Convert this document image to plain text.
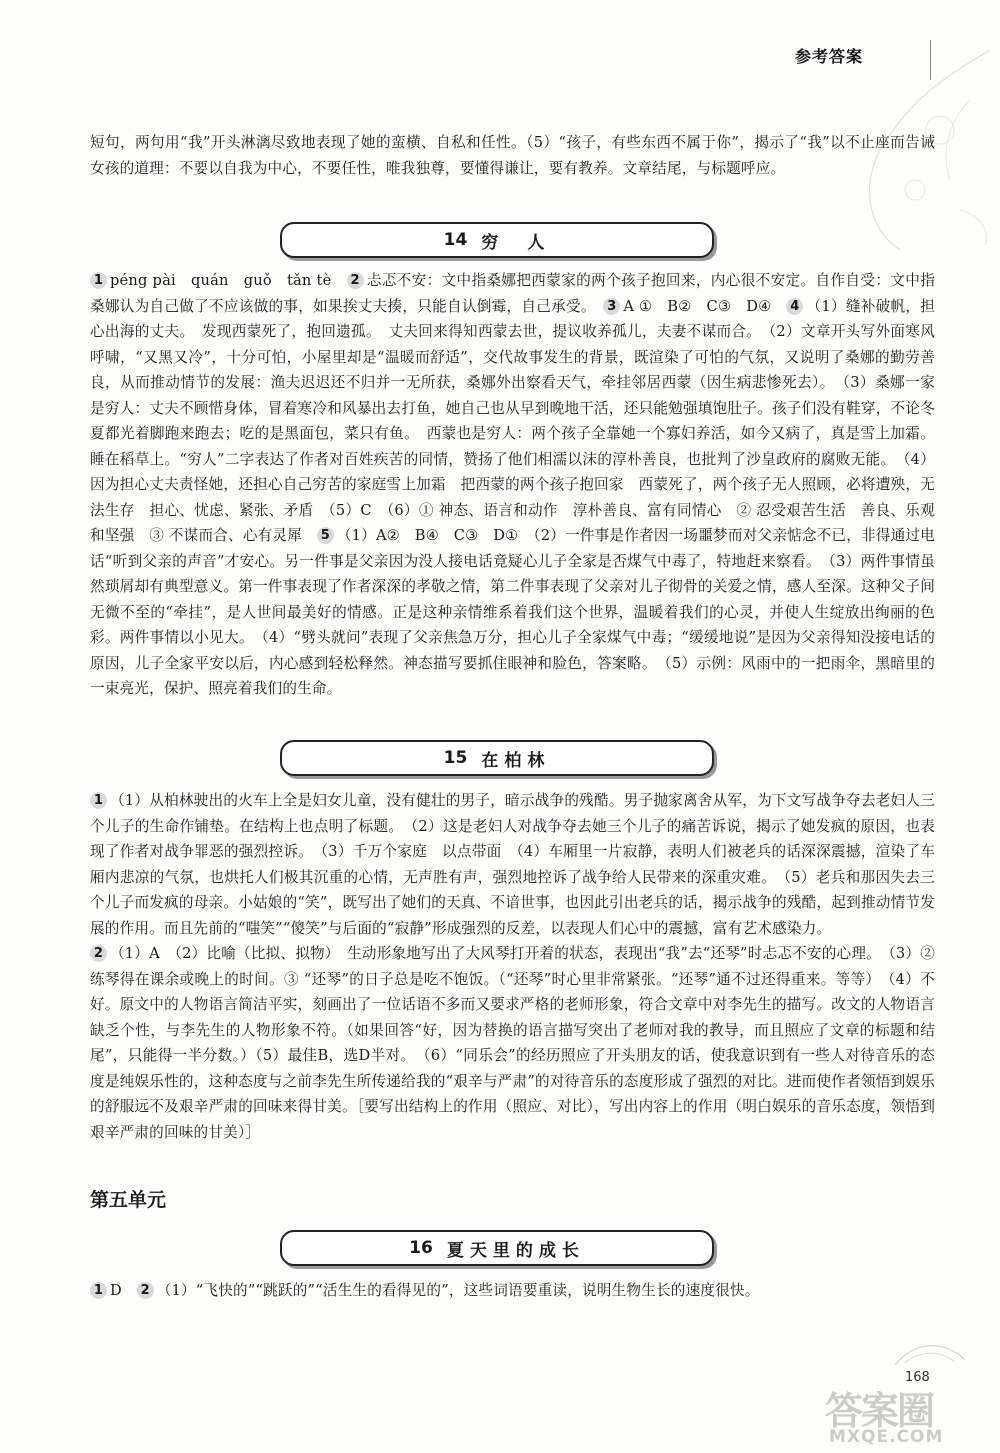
参考答案

短句，两句用“我”开头淋漓尽致地表现了她的蛮横、自私和任性。（5）“孩子，有些东西不属于你”，揭示了“我”以不止座而告诫女孩的道理：不要以自我为中心，不要任性，唯我独尊，要懂得谦让，要有教养。文章结尾，与标题呼应。

14 穷　人

1 péng pài　quán　guǒ　tǎn tè　2 忐忑不安：文中指桑娜把西蒙家的两个孩子抱回来，内心很不安定。自作自受：文中指桑娜认为自己做了不应该做的事，如果挨丈夫揍，只能自认倒霉，自己承受。　3 A ①　B②　C③　D④　4 （1）缝补破帆，担心出海的丈夫。　发现西蒙死了，抱回遗孤。　丈夫回来得知西蒙去世，提议收养孤儿，夫妻不谋而合。　（2）文章开头写外面寒风呼啸，“又黑又冷”，十分可怕，小屋里却是“温暖而舒适”，交代故事发生的背景，既渲染了可怕的气氛，又说明了桑娜的勤劳善良，从而推动情节的发展：渔夫迟迟还不归并一无所获，桑娜外出察看天气，牵挂邻居西蒙（因生病悲惨死去）。　（3）桑娜一家是穷人：丈夫不顾惜身体，冒着寒冷和风暴出去打鱼，她自己也从早到晚地干活，还只能勉强填饱肚子。孩子们没有鞋穿，不论冬夏都光着脚跑来跑去；吃的是黑面包，菜只有鱼。　西蒙也是穷人：两个孩子全靠她一个寡妇养活，如今又病了，真是雪上加霜。睡在稻草上。“穷人”二字表达了作者对百姓疾苦的同情，赞扬了他们相濡以沫的淳朴善良，也批判了沙皇政府的腐败无能。　（4）因为担心丈夫责怪她，还担心自己穷苦的家庭雪上加霜　把西蒙的两个孩子抱回家　西蒙死了，两个孩子无人照顾，必将遭殃，无法生存　担心、忧虑、紧张、矛盾　（5）C　（6）① 神态、语言和动作　淳朴善良、富有同情心　② 忍受艰苦生活　善良、乐观和坚强　③ 不谋而合、心有灵犀　5 （1）A②　B④　C③　D①　（2）一件事是作者因一场噩梦而对父亲惦念不已，非得通过电话“听到父亲的声音”才安心。另一件事是父亲因为没人接电话竟疑心儿子全家是否煤气中毒了，特地赶来察看。　（3）两件事情虽然琐屑却有典型意义。第一件事表现了作者深深的孝敬之情，第二件事表现了父亲对儿子彻骨的关爱之情，感人至深。这种父子间无微不至的“牵挂”，是人世间最美好的情感。正是这种亲情维系着我们这个世界，温暖着我们的心灵，并使人生绽放出绚丽的色彩。两件事情以小见大。　（4）“劈头就问”表现了父亲焦急万分，担心儿子全家煤气中毒；“缓缓地说”是因为父亲得知没接电话的原因，儿子全家平安以后，内心感到轻松释然。神态描写要抓住眼神和脸色，答案略。　（5）示例：风雨中的一把雨伞，黑暗里的一束亮光，保护、照亮着我们的生命。

15 在柏林

1 （1）从柏林驶出的火车上全是妇女儿童，没有健壮的男子，暗示战争的残酷。男子抛家离舍从军，为下文写战争夺去老妇人三个儿子的生命作铺垫。在结构上也点明了标题。　（2）这是老妇人对战争夺去她三个儿子的痛苦诉说，揭示了她发疯的原因，也表现了作者对战争罪恶的强烈控诉。　（3）千万个家庭　以点带面　（4）车厢里一片寂静，表明人们被老兵的话深深震撼，渲染了车厢内悲凉的气氛，也烘托人们极其沉重的心情，无声胜有声，强烈地控诉了战争给人民带来的深重灾难。　（5）老兵和那因失去三个儿子而发疯的母亲。小姑娘的“笑”，既写出了她们的天真、不谙世事，也因此引出老兵的话，揭示战争的残酷，起到推动情节发展的作用。而且先前的“嗤笑”“傻笑”与后面的“寂静”形成强烈的反差，以表现人们心中的震撼，富有艺术感染力。

2 （1）A　（2）比喻（比拟、拟物）　生动形象地写出了大风琴打开着的状态，表现出“我”去“还琴”时忐忑不安的心理。　（3）② 练琴得在课余或晚上的时间。③ “还琴”的日子总是吃不饱饭。（“还琴”时心里非常紧张。“还琴”通不过还得重来。等等）　（4）不好。原文中的人物语言简洁平实，刻画出了一位话语不多而又要求严格的老师形象，符合文章中对李先生的描写。改文的人物语言缺乏个性，与李先生的人物形象不符。（如果回答“好，因为替换的语言描写突出了老师对我的教导，而且照应了文章的标题和结尾”，只能得一半分数。）（5）最佳B，选D半对。　（6）“同乐会”的经历照应了开头朋友的话，使我意识到有一些人对待音乐的态度是纯娱乐性的，这种态度与之前李先生所传递给我的“艰辛与严肃”的对待音乐的态度形成了强烈的对比。进而使作者领悟到娱乐的舒服远不及艰辛严肃的回味来得甘美。［要写出结构上的作用（照应、对比），写出内容上的作用（明白娱乐的音乐态度，领悟到艰辛严肃的回味的甘美）］

第五单元
16 夏天里的成长

1 D　2 （1）“飞快的”“跳跃的”“活生生的看得见的”，这些词语要重读，说明生物生长的速度很快。

168
答案圈
MXQE.COM
